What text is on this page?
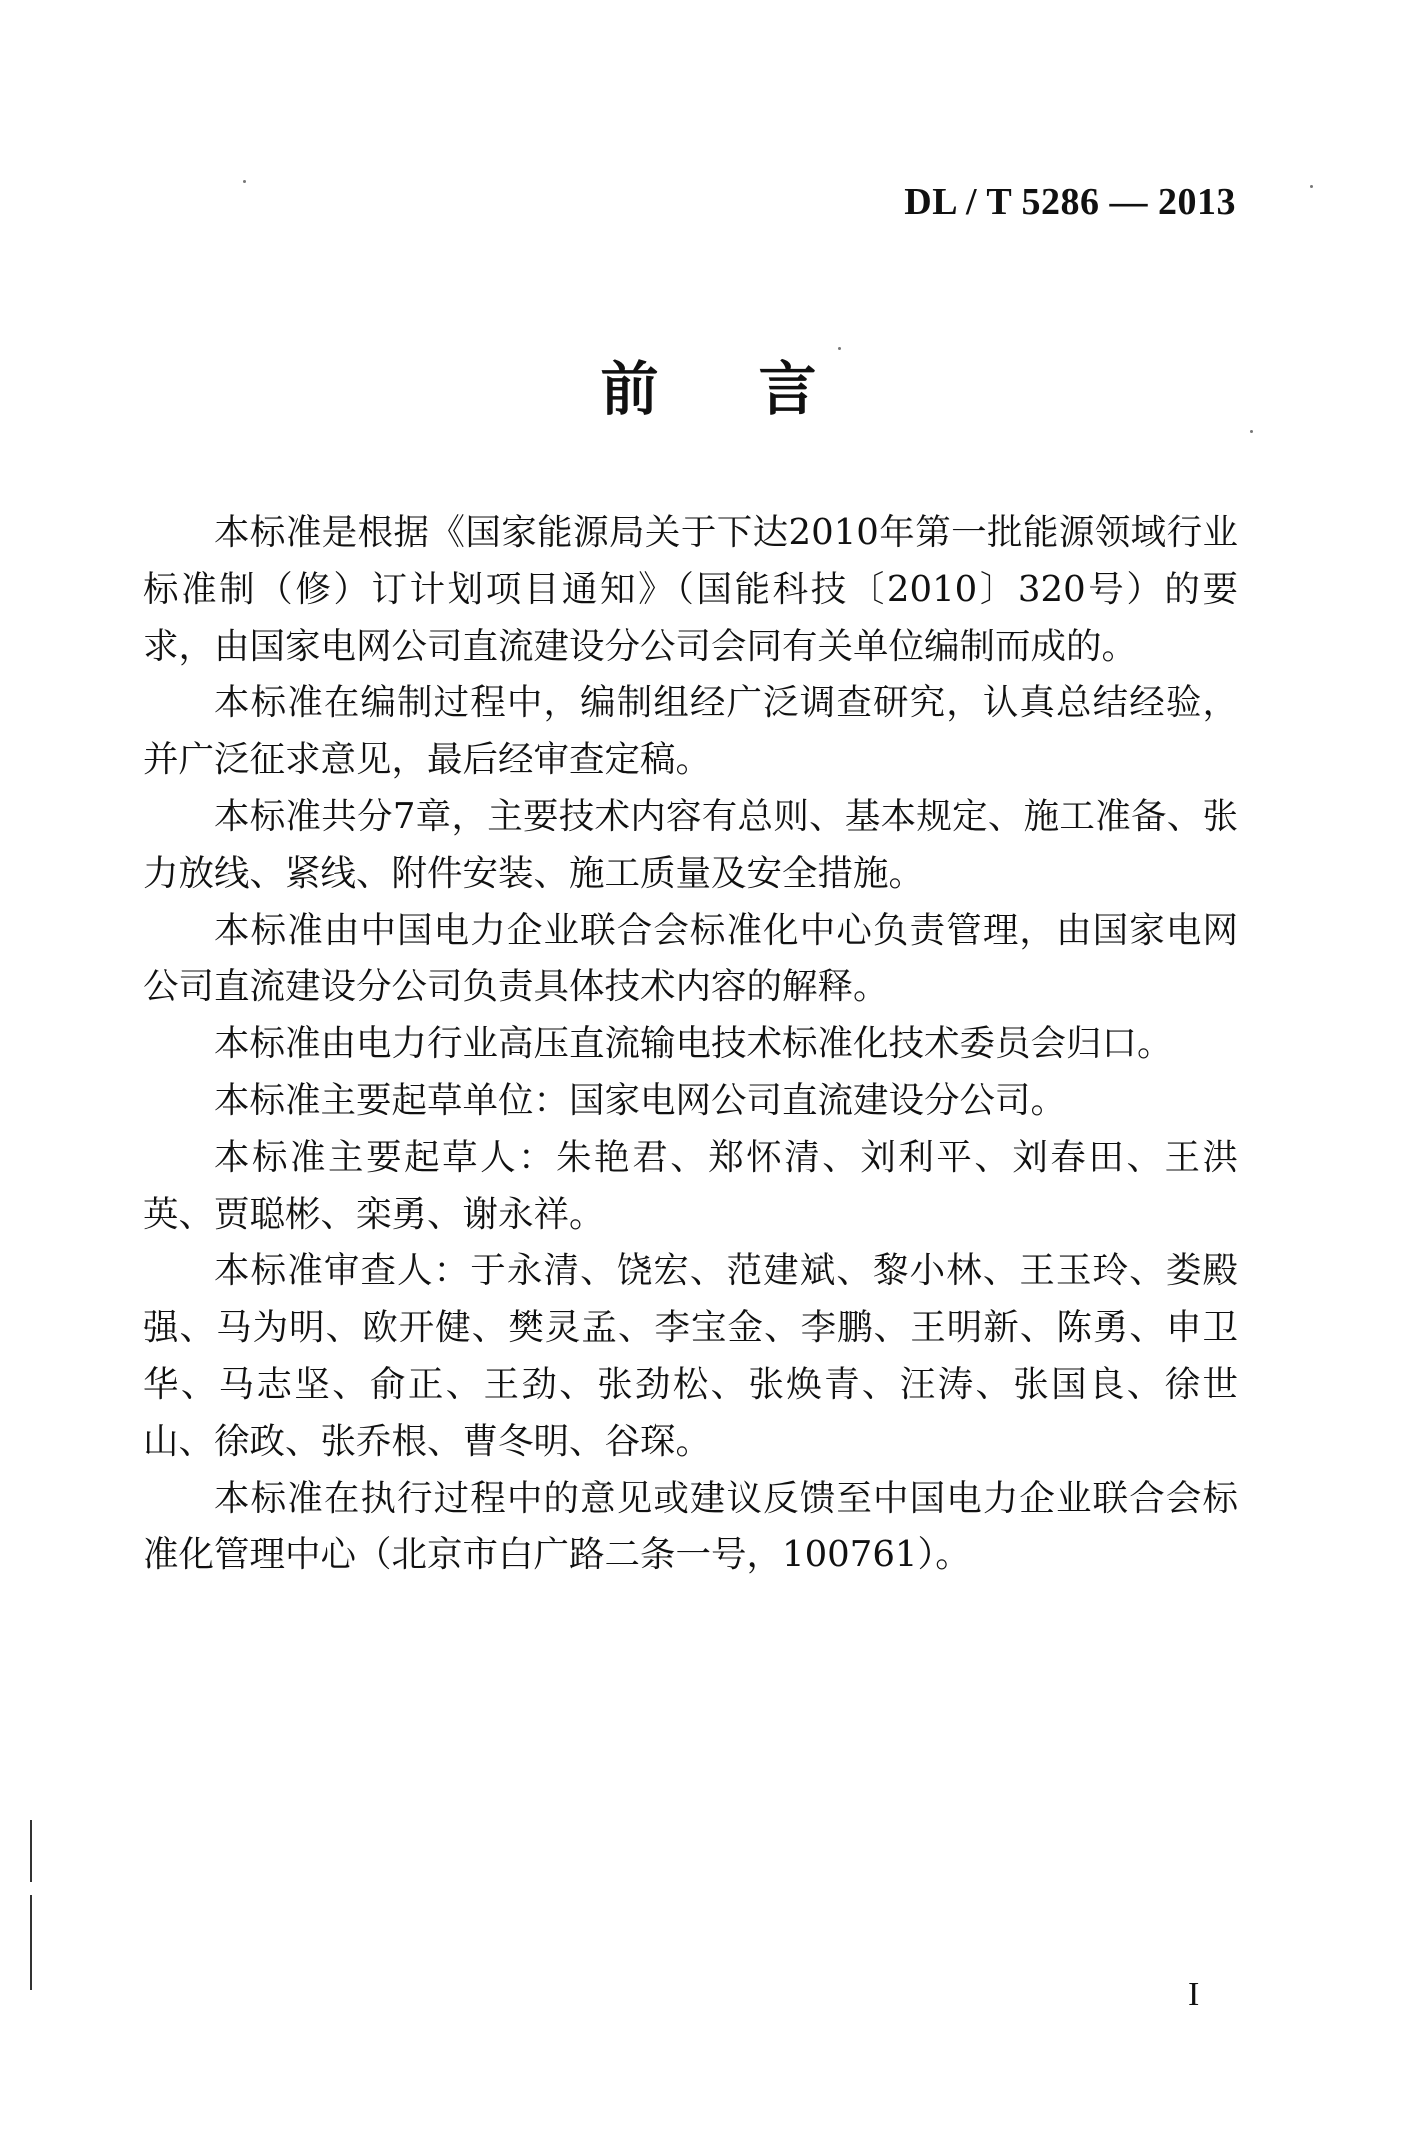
DL / T 5286 — 2013
前 言

本标准是根据《国家能源局关于下达2010年第一批能源领域行业标准制（修）订计划项目通知》（国能科技〔2010〕320号）的要求，由国家电网公司直流建设分公司会同有关单位编制而成的。

本标准在编制过程中，编制组经广泛调查研究，认真总结经验，并广泛征求意见，最后经审查定稿。

本标准共分7章，主要技术内容有总则、基本规定、施工准备、张力放线、紧线、附件安装、施工质量及安全措施。

本标准由中国电力企业联合会标准化中心负责管理，由国家电网公司直流建设分公司负责具体技术内容的解释。

本标准由电力行业高压直流输电技术标准化技术委员会归口。

本标准主要起草单位：国家电网公司直流建设分公司。

本标准主要起草人：朱艳君、郑怀清、刘利平、刘春田、王洪英、贾聪彬、栾勇、谢永祥。

本标准审查人：于永清、饶宏、范建斌、黎小林、王玉玲、娄殿强、马为明、欧开健、樊灵孟、李宝金、李鹏、王明新、陈勇、申卫华、马志坚、俞正、王劲、张劲松、张焕青、汪涛、张国良、徐世山、徐政、张乔根、曹冬明、谷琛。

本标准在执行过程中的意见或建议反馈至中国电力企业联合会标准化管理中心（北京市白广路二条一号，100761）。

I
